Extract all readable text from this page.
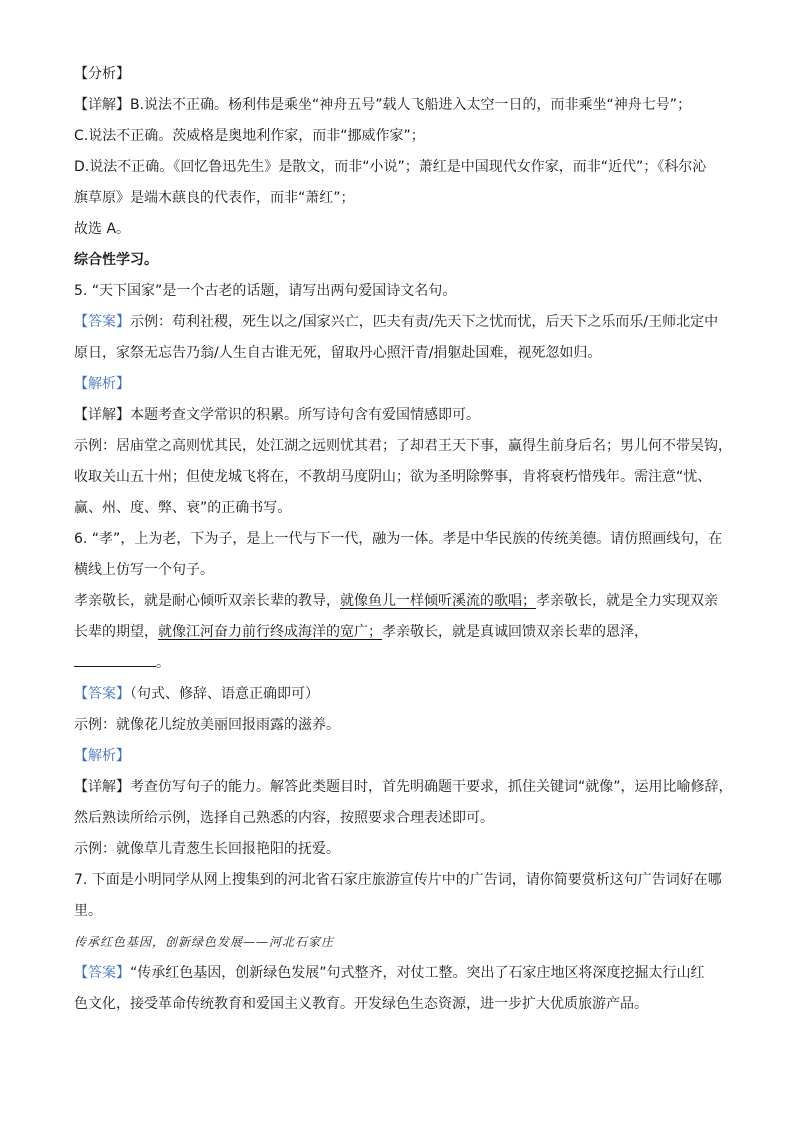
【分析】

【详解】B.说法不正确。杨利伟是乘坐“神舟五号”载人飞船进入太空一日的，而非乘坐“神舟七号”；

C.说法不正确。茨威格是奥地利作家，而非“挪威作家”；

D.说法不正确。《回忆鲁迅先生》是散文，而非“小说”；萧红是中国现代女作家，而非“近代”；《科尔沁

旗草原》是端木蕻良的代表作，而非“萧红”；

故选 A。

综合性学习。

5. “天下国家”是一个古老的话题，请写出两句爱国诗文名句。

【答案】示例：苟利社稷，死生以之/国家兴亡，匹夫有责/先天下之忧而忧，后天下之乐而乐/王师北定中

原日，家祭无忘告乃翁/人生自古谁无死，留取丹心照汗青/捐躯赴国难，视死忽如归。

【解析】

【详解】本题考查文学常识的积累。所写诗句含有爱国情感即可。

示例：居庙堂之高则忧其民，处江湖之远则忧其君；了却君王天下事，赢得生前身后名；男儿何不带吴钩，

收取关山五十州；但使龙城飞将在，不教胡马度阴山；欲为圣明除弊事，肯将衰朽惜残年。需注意“忧、

赢、州、度、弊、衰”的正确书写。

6. “孝”，上为老，下为子，是上一代与下一代，融为一体。孝是中华民族的传统美德。请仿照画线句，在

横线上仿写一个句子。

孝亲敬长，就是耐心倾听双亲长辈的教导，就像鱼儿一样倾听溪流的歌唱；孝亲敬长，就是全力实现双亲

长辈的期望，就像江河奋力前行终成海洋的宽广；孝亲敬长，就是真诚回馈双亲长辈的恩泽，

。

【答案】（句式、修辞、语意正确即可）

示例：就像花儿绽放美丽回报雨露的滋养。

【解析】

【详解】考查仿写句子的能力。解答此类题目时，首先明确题干要求，抓住关键词“就像”，运用比喻修辞，

然后熟读所给示例，选择自己熟悉的内容，按照要求合理表述即可。

示例：就像草儿青葱生长回报艳阳的抚爱。

7. 下面是小明同学从网上搜集到的河北省石家庄旅游宣传片中的广告词，请你简要赏析这句广告词好在哪

里。

传承红色基因，创新绿色发展——河北石家庄

【答案】“传承红色基因，创新绿色发展”句式整齐，对仗工整。突出了石家庄地区将深度挖掘太行山红

色文化，接受革命传统教育和爱国主义教育。开发绿色生态资源，进一步扩大优质旅游产品。
